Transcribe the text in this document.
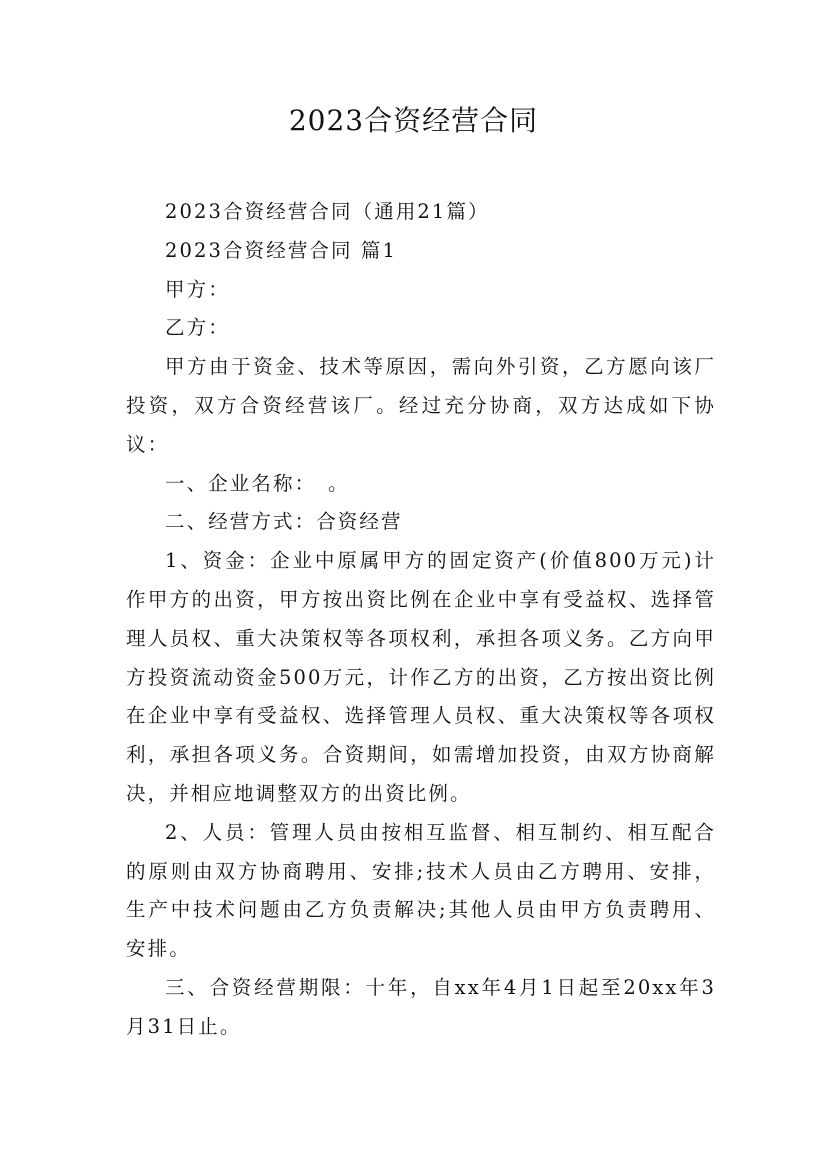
2023合资经营合同

2023合资经营合同（通用21篇）

2023合资经营合同 篇1

甲方：

乙方：

甲方由于资金、技术等原因，需向外引资，乙方愿向该厂投资，双方合资经营该厂。经过充分协商，双方达成如下协议：

一、企业名称：　。

二、经营方式：合资经营

1、资金：企业中原属甲方的固定资产(价值800万元)计作甲方的出资，甲方按出资比例在企业中享有受益权、选择管理人员权、重大决策权等各项权利，承担各项义务。乙方向甲方投资流动资金500万元，计作乙方的出资，乙方按出资比例在企业中享有受益权、选择管理人员权、重大决策权等各项权利，承担各项义务。合资期间，如需增加投资，由双方协商解决，并相应地调整双方的出资比例。

2、人员：管理人员由按相互监督、相互制约、相互配合的原则由双方协商聘用、安排;技术人员由乙方聘用、安排，生产中技术问题由乙方负责解决;其他人员由甲方负责聘用、安排。

三、合资经营期限：十年，自xx年4月1日起至20xx年3月31日止。
